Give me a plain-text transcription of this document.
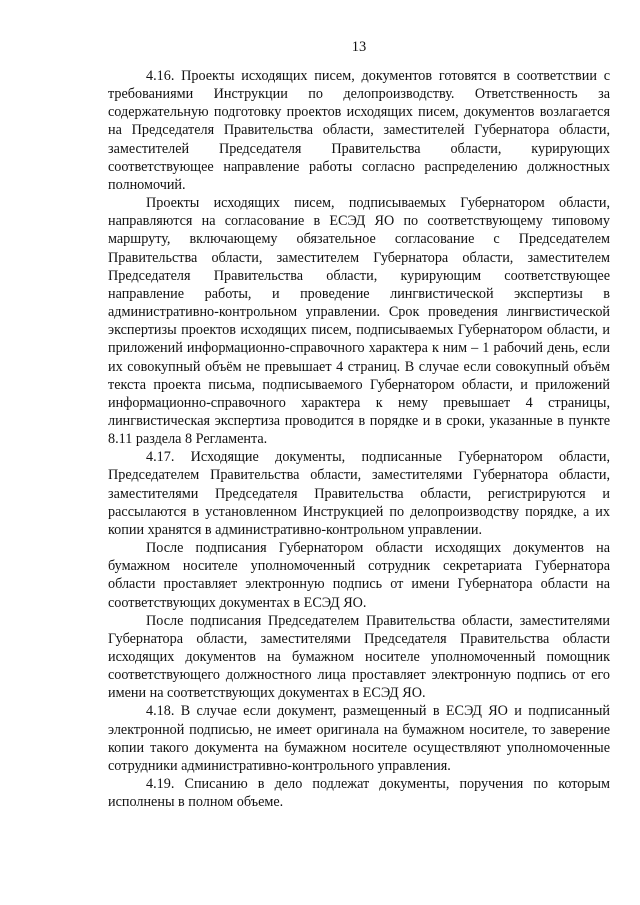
13

4.16. Проекты исходящих писем, документов готовятся в соответствии с требованиями Инструкции по делопроизводству. Ответственность за содержательную подготовку проектов исходящих писем, документов возлагается на Председателя Правительства области, заместителей Губернатора области, заместителей Председателя Правительства области, курирующих соответствующее направление работы согласно распределению должностных полномочий.

Проекты исходящих писем, подписываемых Губернатором области, направляются на согласование в ЕСЭД ЯО по соответствующему типовому маршруту, включающему обязательное согласование с Председателем Правительства области, заместителем Губернатора области, заместителем Председателя Правительства области, курирующим соответствующее направление работы, и проведение лингвистической экспертизы в административно-контрольном управлении. Срок проведения лингвистической экспертизы проектов исходящих писем, подписываемых Губернатором области, и приложений информационно-справочного характера к ним – 1 рабочий день, если их совокупный объём не превышает 4 страниц. В случае если совокупный объём текста проекта письма, подписываемого Губернатором области, и приложений информационно-справочного характера к нему превышает 4 страницы, лингвистическая экспертиза проводится в порядке и в сроки, указанные в пункте 8.11 раздела 8 Регламента.

4.17. Исходящие документы, подписанные Губернатором области, Председателем Правительства области, заместителями Губернатора области, заместителями Председателя Правительства области, регистрируются и рассылаются в установленном Инструкцией по делопроизводству порядке, а их копии хранятся в административно-контрольном управлении.

После подписания Губернатором области исходящих документов на бумажном носителе уполномоченный сотрудник секретариата Губернатора области проставляет электронную подпись от имени Губернатора области на соответствующих документах в ЕСЭД ЯО.

После подписания Председателем Правительства области, заместителями Губернатора области, заместителями Председателя Правительства области исходящих документов на бумажном носителе уполномоченный помощник соответствующего должностного лица проставляет электронную подпись от его имени на соответствующих документах в ЕСЭД ЯО.

4.18. В случае если документ, размещенный в ЕСЭД ЯО и подписанный электронной подписью, не имеет оригинала на бумажном носителе, то заверение копии такого документа на бумажном носителе осуществляют уполномоченные сотрудники административно-контрольного управления.

4.19. Списанию в дело подлежат документы, поручения по которым исполнены в полном объеме.
